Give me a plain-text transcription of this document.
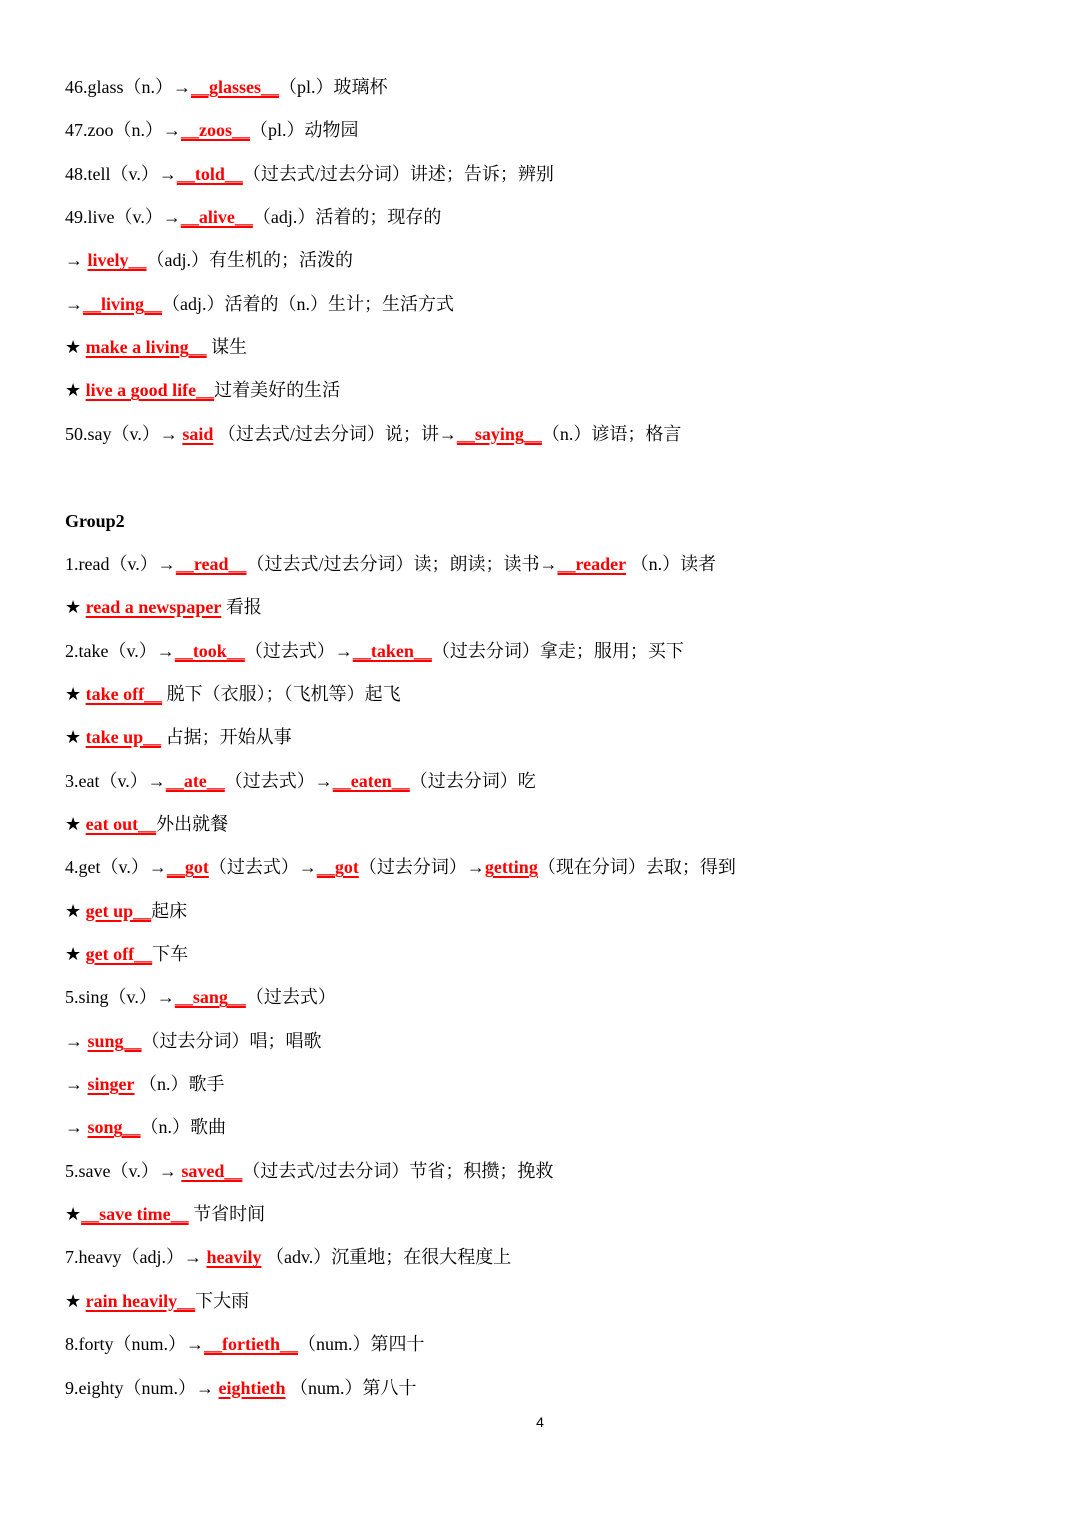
46.glass（n.）→__glasses__（pl.）玻璃杯
47.zoo（n.）→__zoos__（pl.）动物园
48.tell（v.）→__told__（过去式/过去分词）讲述；告诉；辨别
49.live（v.）→__alive__（adj.）活着的；现存的
→ lively__（adj.）有生机的；活泼的
→__living__（adj.）活着的（n.）生计；生活方式
★ make a living__ 谋生
★ live a good life__过着美好的生活
50.say（v.）→ said （过去式/过去分词）说；讲→__saying__（n.）谚语；格言
Group2
1.read（v.）→__read__（过去式/过去分词）读；朗读；读书→__reader （n.）读者
★ read a newspaper 看报
2.take（v.）→__took__（过去式）→__taken__（过去分词）拿走；服用；买下
★ take off__ 脱下（衣服）；（飞机等）起飞
★ take up__ 占据；开始从事
3.eat（v.）→__ate__（过去式）→__eaten__（过去分词）吃
★ eat out__外出就餐
4.get（v.）→__got（过去式）→__got（过去分词）→getting（现在分词）去取；得到
★ get up__起床
★ get off__下车
5.sing（v.）→__sang__（过去式）
→ sung__（过去分词）唱；唱歌
→ singer （n.）歌手
→ song__（n.）歌曲
5.save（v.）→ saved__（过去式/过去分词）节省；积攒；挽救
★__save time__ 节省时间
7.heavy（adj.）→ heavily （adv.）沉重地；在很大程度上
★ rain heavily__下大雨
8.forty（num.）→__fortieth__（num.）第四十
9.eighty（num.）→ eightieth （num.）第八十
4
